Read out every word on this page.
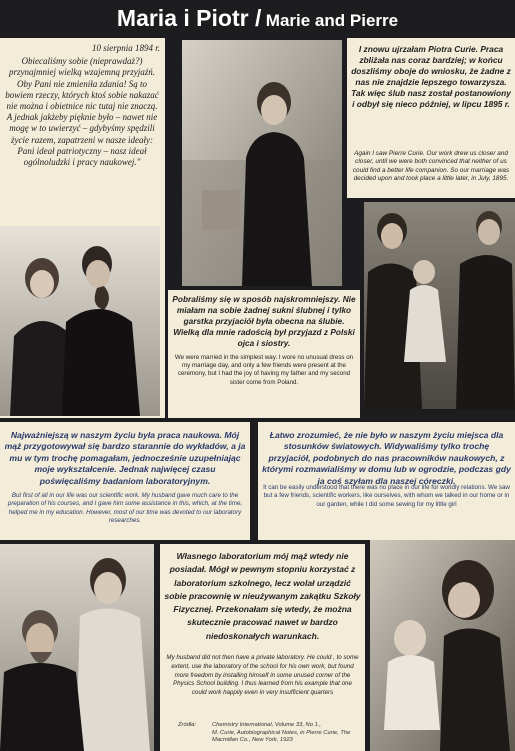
Maria i Piotr / Marie and Pierre

10 sierpnia 1894 r.

Obiecaliśmy sobie (nieprawdaż?) przynajmniej wielką wzajemną przyjaźń. Oby Pani nie zmieniła zdania! Są to bowiem rzeczy, których ktoś sobie nakazać nie można i obietnice nic tutaj nie znaczą. A jednak jakżeby pięknie było – nawet nie mogę w to uwierzyć – gdybyśmy spędzili życie razem, zapatrzeni w nasze ideały: Pani ideał patriotyczny – nasz ideał ogólnoludzki i pracy naukowej."

I znowu ujrzałam Piotra Curie. Praca zbliżała nas coraz bardziej; w końcu doszliśmy oboje do wniosku, że żadne z nas nie znajdzie lepszego towarzysza. Tak więc ślub nasz został postanowiony i odbył się nieco później, w lipcu 1895 r.

Again I saw Pierre Curie. Our work drew us closer and closer, until we were both convinced that neither of us could find a better life companion. So our marriage was decided upon and took place a little later, in July, 1895.

Pobraliśmy się w sposób najskromniejszy. Nie miałam na sobie żadnej sukni ślubnej i tylko garstka przyjaciół była obecna na ślubie. Wielką dla mnie radością był przyjazd z Polski ojca i siostry.

We were married in the simplest way. I wore no unusual dress on my marriage day, and only a few friends were present at the ceremony, but I had the joy of having my father and my second sister come from Poland.

Najważniejszą w naszym życiu była praca naukowa. Mój mąż przygotowywał się bardzo starannie do wykładów, a ja mu w tym trochę pomagałam, jednocześnie uzupełniając moje wykształcenie. Jednak najwięcej czasu poświęcaliśmy badaniom laboratoryjnym.

But first of all in our life was our scientific work. My husband gave much care to the preparation of his courses, and I gave him some assistance in this, which, at the time, helped me in my education. However, most of our time was devoted to our laboratory researches.

Łatwo zrozumieć, że nie było w naszym życiu miejsca dla stosunków światowych. Widywaliśmy tylko trochę przyjaciół, podobnych do nas pracowników naukowych, z którymi rozmawialiśmy w domu lub w ogrodzie, podczas gdy ja coś szyłam dla naszej córeczki.

It can be easily understood that there was no place in our life for worldly relations. We saw but a few friends, scientific workers, like ourselves, with whom we talked in our home or in our garden, while I did some sewing for my little girl

Własnego laboratorium mój mąż wtedy nie posiadał. Mógł w pewnym stopniu korzystać z laboratorium szkolnego, lecz wolał urządzić sobie pracownię w nieużywanym zakątku Szkoły Fizycznej. Przekonałam się wtedy, że można skutecznie pracować nawet w bardzo niedoskonałych warunkach.

My husband did not then have a private laboratory. He could , to some extent, use the laboratory of the school for his own work, but found more freedom by installing himself in some unused corner of the Physics School building. I thus learned from his example that one could work happily even in very insufficient quarters

Źródła:	Chemistry International, Volume 33, No 1.,
M. Curie, Autobiographical Notes, in Pierre Curie, The
Macmillan Co., New York, 1923
